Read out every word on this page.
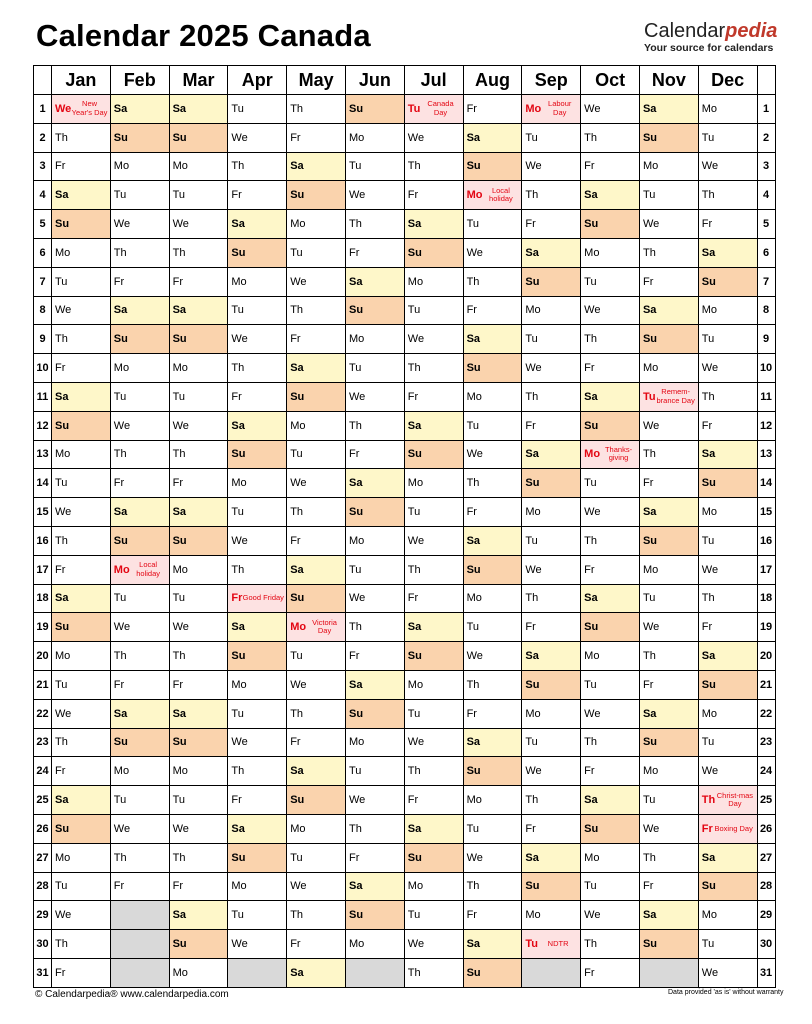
Calendar 2025 Canada	Calendarpedia
Your source for calendars
	Jan	Feb	Mar	Apr	May	Jun	Jul	Aug	Sep	Oct	Nov	Dec	
1	We New Year's Day	Sa	Sa	Tu	Th	Su	Tu Canada Day	Fr	Mo Labour Day	We	Sa	Mo	1
2	Th	Su	Su	We	Fr	Mo	We	Sa	Tu	Th	Su	Tu	2
3	Fr	Mo	Mo	Th	Sa	Tu	Th	Su	We	Fr	Mo	We	3
4	Sa	Tu	Tu	Fr	Su	We	Fr	Mo Local holiday	Th	Sa	Tu	Th	4
5	Su	We	We	Sa	Mo	Th	Sa	Tu	Fr	Su	We	Fr	5
6	Mo	Th	Th	Su	Tu	Fr	Su	We	Sa	Mo	Th	Sa	6
7	Tu	Fr	Fr	Mo	We	Sa	Mo	Th	Su	Tu	Fr	Su	7
8	We	Sa	Sa	Tu	Th	Su	Tu	Fr	Mo	We	Sa	Mo	8
9	Th	Su	Su	We	Fr	Mo	We	Sa	Tu	Th	Su	Tu	9
10	Fr	Mo	Mo	Th	Sa	Tu	Th	Su	We	Fr	Mo	We	10
11	Sa	Tu	Tu	Fr	Su	We	Fr	Mo	Th	Sa	Tu Remem-brance Day	Th	11
12	Su	We	We	Sa	Mo	Th	Sa	Tu	Fr	Su	We	Fr	12
13	Mo	Th	Th	Su	Tu	Fr	Su	We	Sa	Mo Thanks-giving	Th	Sa	13
14	Tu	Fr	Fr	Mo	We	Sa	Mo	Th	Su	Tu	Fr	Su	14
15	We	Sa	Sa	Tu	Th	Su	Tu	Fr	Mo	We	Sa	Mo	15
16	Th	Su	Su	We	Fr	Mo	We	Sa	Tu	Th	Su	Tu	16
17	Fr	Mo Local holiday	Mo	Th	Sa	Tu	Th	Su	We	Fr	Mo	We	17
18	Sa	Tu	Tu	Fr Good Friday	Su	We	Fr	Mo	Th	Sa	Tu	Th	18
19	Su	We	We	Sa	Mo Victoria Day	Th	Sa	Tu	Fr	Su	We	Fr	19
20	Mo	Th	Th	Su	Tu	Fr	Su	We	Sa	Mo	Th	Sa	20
21	Tu	Fr	Fr	Mo	We	Sa	Mo	Th	Su	Tu	Fr	Su	21
22	We	Sa	Sa	Tu	Th	Su	Tu	Fr	Mo	We	Sa	Mo	22
23	Th	Su	Su	We	Fr	Mo	We	Sa	Tu	Th	Su	Tu	23
24	Fr	Mo	Mo	Th	Sa	Tu	Th	Su	We	Fr	Mo	We	24
25	Sa	Tu	Tu	Fr	Su	We	Fr	Mo	Th	Sa	Tu	Th Christ-mas Day	25
26	Su	We	We	Sa	Mo	Th	Sa	Tu	Fr	Su	We	Fr Boxing Day	26
27	Mo	Th	Th	Su	Tu	Fr	Su	We	Sa	Mo	Th	Sa	27
28	Tu	Fr	Fr	Mo	We	Sa	Mo	Th	Su	Tu	Fr	Su	28
29	We		Sa	Tu	Th	Su	Tu	Fr	Mo	We	Sa	Mo	29
30	Th		Su	We	Fr	Mo	We	Sa	Tu NDTR	Th	Su	Tu	30
31	Fr		Mo		Sa		Th	Su		Fr		We	31
© Calendarpedia® www.calendarpedia.com	Data provided 'as is' without warranty
